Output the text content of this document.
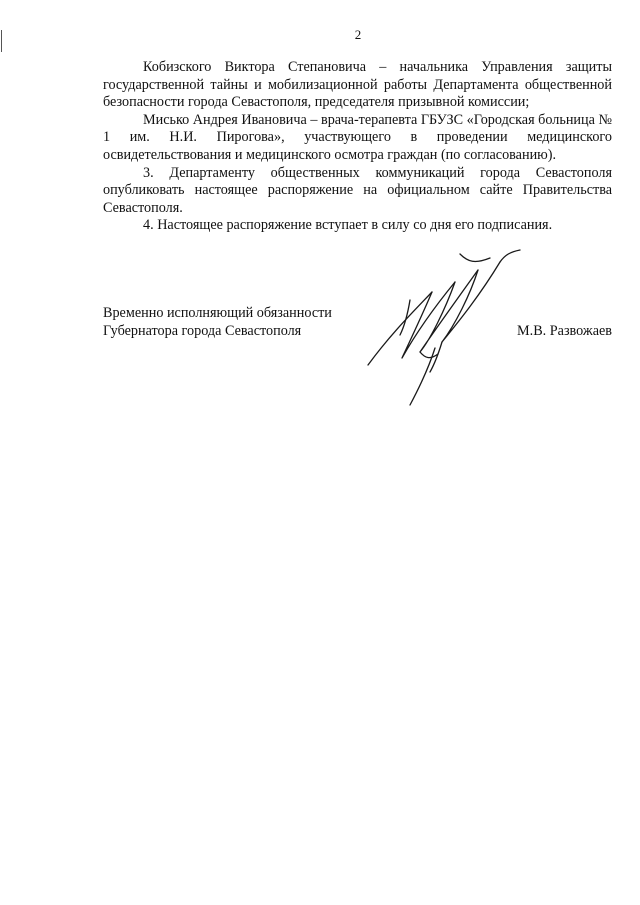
2

Кобизского Виктора Степановича – начальника Управления защиты государственной тайны и мобилизационной работы Департамента общественной безопасности города Севастополя, председателя призывной комиссии;

Мисько Андрея Ивановича – врача-терапевта ГБУЗС «Городская больница № 1 им. Н.И. Пирогова», участвующего в проведении медицинского освидетельствования и медицинского осмотра граждан (по согласованию).

3. Департаменту общественных коммуникаций города Севастополя опубликовать настоящее распоряжение на официальном сайте Правительства Севастополя.

4. Настоящее распоряжение вступает в силу со дня его подписания.

Временно исполняющий обязанности
Губернатора города Севастополя	М.В. Развожаев
